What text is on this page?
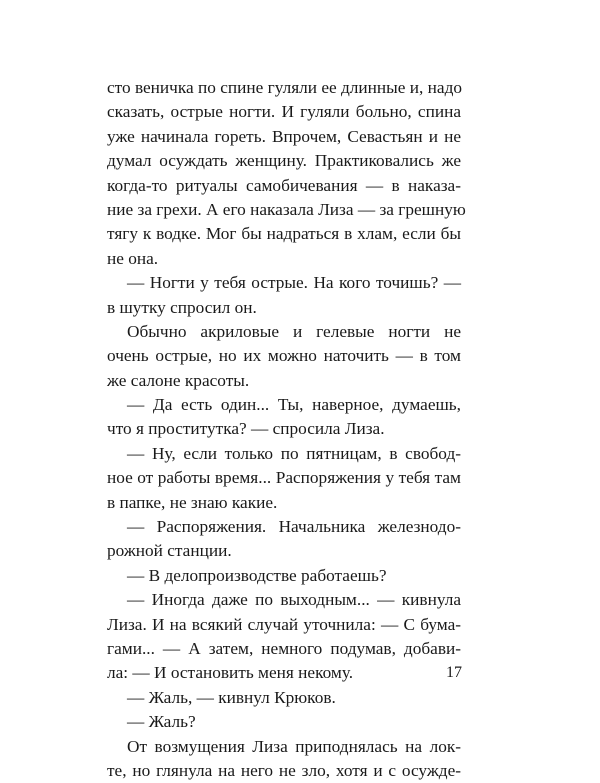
сто веничка по спине гуляли ее длинные и, надо
сказать, острые ногти. И гуляли больно, спина
уже начинала гореть. Впрочем, Севастьян и не
думал осуждать женщину. Практиковались же
когда-то ритуалы самобичевания — в наказа-
ние за грехи. А его наказала Лиза — за грешную
тягу к водке. Мог бы надраться в хлам, если бы
не она.
— Ногти у тебя острые. На кого точишь? —
в шутку спросил он.
Обычно акриловые и гелевые ногти не
очень острые, но их можно наточить — в том
же салоне красоты.
— Да есть один... Ты, наверное, думаешь,
что я проститутка? — спросила Лиза.
— Ну, если только по пятницам, в свобод-
ное от работы время... Распоряжения у тебя там
в папке, не знаю какие.
— Распоряжения. Начальника железнодо-
рожной станции.
— В делопроизводстве работаешь?
— Иногда даже по выходным... — кивнула
Лиза. И на всякий случай уточнила: — С бума-
гами... — А затем, немного подумав, добави-
ла: — И остановить меня некому.
— Жаль, — кивнул Крюков.
— Жаль?
От возмущения Лиза приподнялась на лок-
те, но глянула на него не зло, хотя и с осужде-
17
